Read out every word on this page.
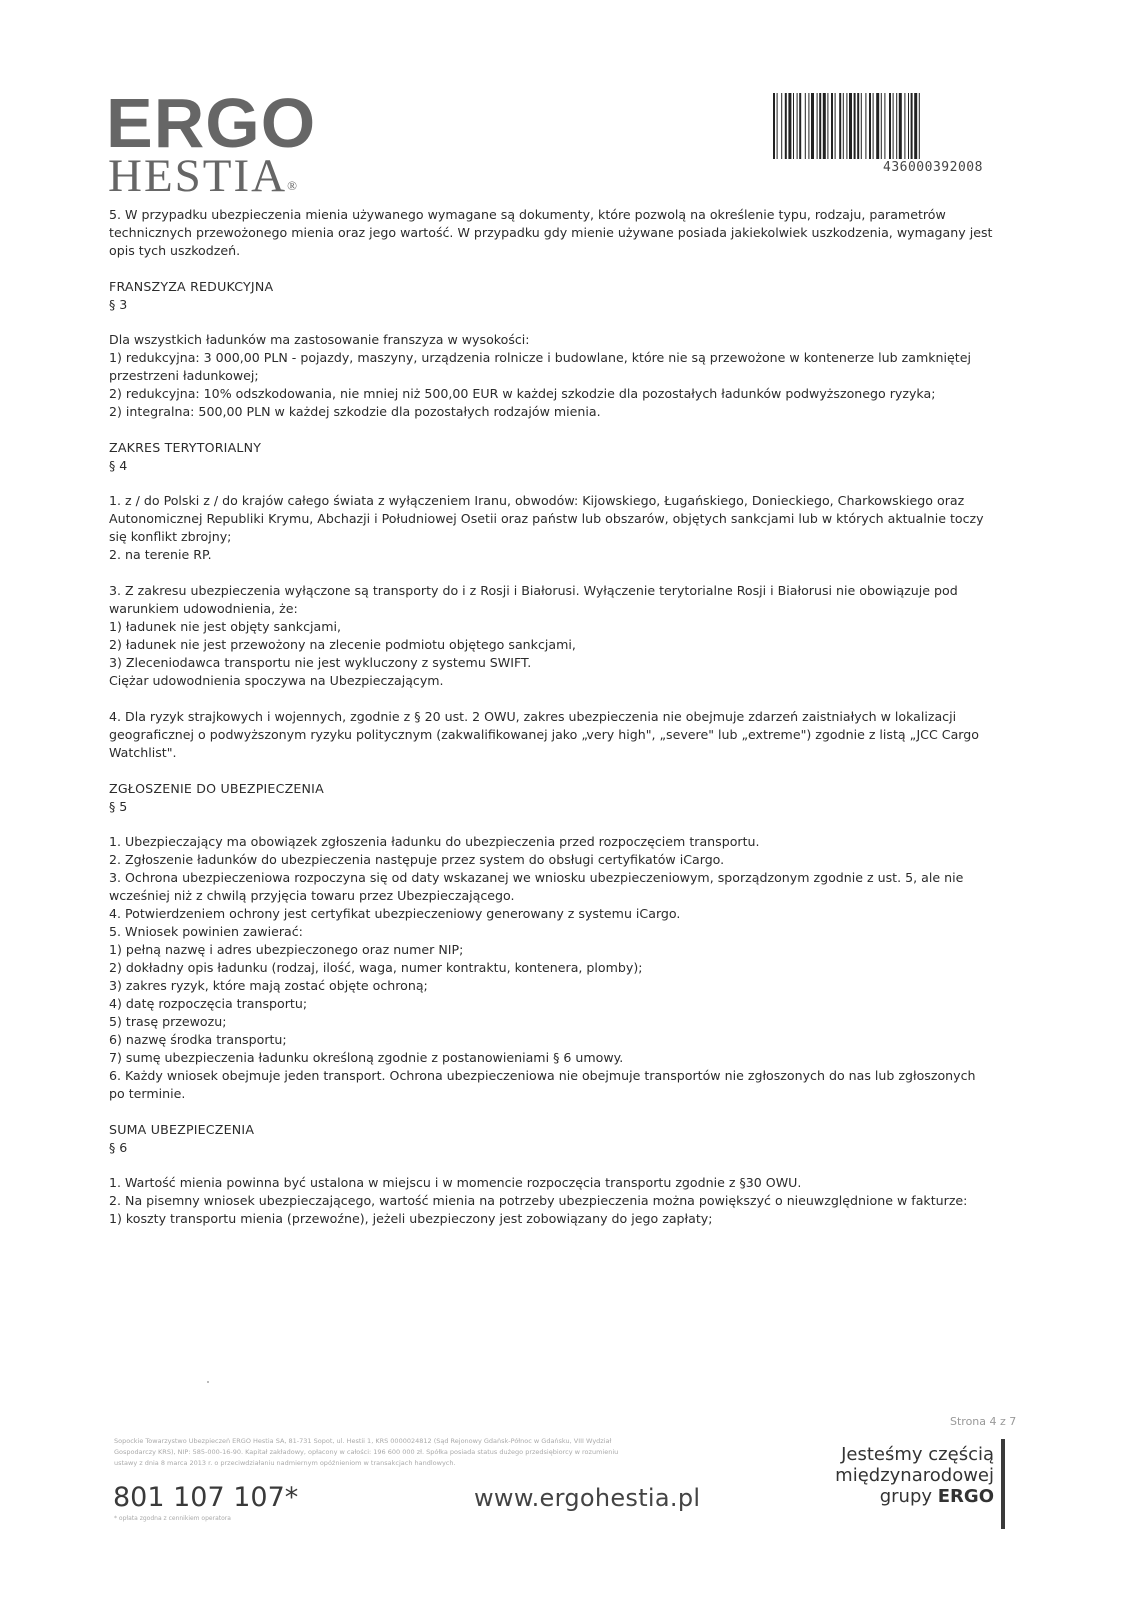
ERGO
HESTIA®
436000392008

5. W przypadku ubezpieczenia mienia używanego wymagane są dokumenty, które pozwolą na określenie typu, rodzaju, parametrów

technicznych przewożonego mienia oraz jego wartość. W przypadku gdy mienie używane posiada jakiekolwiek uszkodzenia, wymagany jest

opis tych uszkodzeń.

FRANSZYZA REDUKCYJNA

§ 3

Dla wszystkich ładunków ma zastosowanie franszyza w wysokości:

1) redukcyjna: 3 000,00 PLN - pojazdy, maszyny, urządzenia rolnicze i budowlane, które nie są przewożone w kontenerze lub zamkniętej

przestrzeni ładunkowej;

2) redukcyjna: 10% odszkodowania, nie mniej niż 500,00 EUR w każdej szkodzie dla pozostałych ładunków podwyższonego ryzyka;

2) integralna: 500,00 PLN w każdej szkodzie dla pozostałych rodzajów mienia.

ZAKRES TERYTORIALNY

§ 4

1. z / do Polski z / do krajów całego świata z wyłączeniem Iranu, obwodów: Kijowskiego, Ługańskiego, Donieckiego, Charkowskiego oraz

Autonomicznej Republiki Krymu, Abchazji i Południowej Osetii oraz państw lub obszarów, objętych sankcjami lub w których aktualnie toczy

się konflikt zbrojny;

2. na terenie RP.

3. Z zakresu ubezpieczenia wyłączone są transporty do i z Rosji i Białorusi. Wyłączenie terytorialne Rosji i Białorusi nie obowiązuje pod

warunkiem udowodnienia, że:

1) ładunek nie jest objęty sankcjami,

2) ładunek nie jest przewożony na zlecenie podmiotu objętego sankcjami,

3) Zleceniodawca transportu nie jest wykluczony z systemu SWIFT.

Ciężar udowodnienia spoczywa na Ubezpieczającym.

4. Dla ryzyk strajkowych i wojennych, zgodnie z § 20 ust. 2 OWU, zakres ubezpieczenia nie obejmuje zdarzeń zaistniałych w lokalizacji

geograficznej o podwyższonym ryzyku politycznym (zakwalifikowanej jako „very high", „severe" lub „extreme") zgodnie z listą „JCC Cargo

Watchlist".

ZGŁOSZENIE DO UBEZPIECZENIA

§ 5

1. Ubezpieczający ma obowiązek zgłoszenia ładunku do ubezpieczenia przed rozpoczęciem transportu.

2. Zgłoszenie ładunków do ubezpieczenia następuje przez system do obsługi certyfikatów iCargo.

3. Ochrona ubezpieczeniowa rozpoczyna się od daty wskazanej we wniosku ubezpieczeniowym, sporządzonym zgodnie z ust. 5, ale nie

wcześniej niż z chwilą przyjęcia towaru przez Ubezpieczającego.

4. Potwierdzeniem ochrony jest certyfikat ubezpieczeniowy generowany z systemu iCargo.

5. Wniosek powinien zawierać:

1) pełną nazwę i adres ubezpieczonego oraz numer NIP;

2) dokładny opis ładunku (rodzaj, ilość, waga, numer kontraktu, kontenera, plomby);

3) zakres ryzyk, które mają zostać objęte ochroną;

4) datę rozpoczęcia transportu;

5) trasę przewozu;

6) nazwę środka transportu;

7) sumę ubezpieczenia ładunku określoną zgodnie z postanowieniami § 6 umowy.

6. Każdy wniosek obejmuje jeden transport. Ochrona ubezpieczeniowa nie obejmuje transportów nie zgłoszonych do nas lub zgłoszonych

po terminie.

SUMA UBEZPIECZENIA

§ 6

1. Wartość mienia powinna być ustalona w miejscu i w momencie rozpoczęcia transportu zgodnie z §30 OWU.

2. Na pisemny wniosek ubezpieczającego, wartość mienia na potrzeby ubezpieczenia można powiększyć o nieuwzględnione w fakturze:

1) koszty transportu mienia (przewoźne), jeżeli ubezpieczony jest zobowiązany do jego zapłaty;

Strona 4 z 7
Sopockie Towarzystwo Ubezpieczeń ERGO Hestia SA, 81-731 Sopot, ul. Hestii 1, KRS 0000024812 (Sąd Rejonowy Gdańsk-Północ w Gdańsku, VIII Wydział
Gospodarczy KRS), NIP: 585-000-16-90. Kapitał zakładowy, opłacony w całości: 196 600 000 zł. Spółka posiada status dużego przedsiębiorcy w rozumieniu
ustawy z dnia 8 marca 2013 r. o przeciwdziałaniu nadmiernym opóźnieniom w transakcjach handlowych.
801 107 107*
* opłata zgodna z cennikiem operatora
www.ergohestia.pl
Jesteśmy częścią
międzynarodowej
grupy ERGO
